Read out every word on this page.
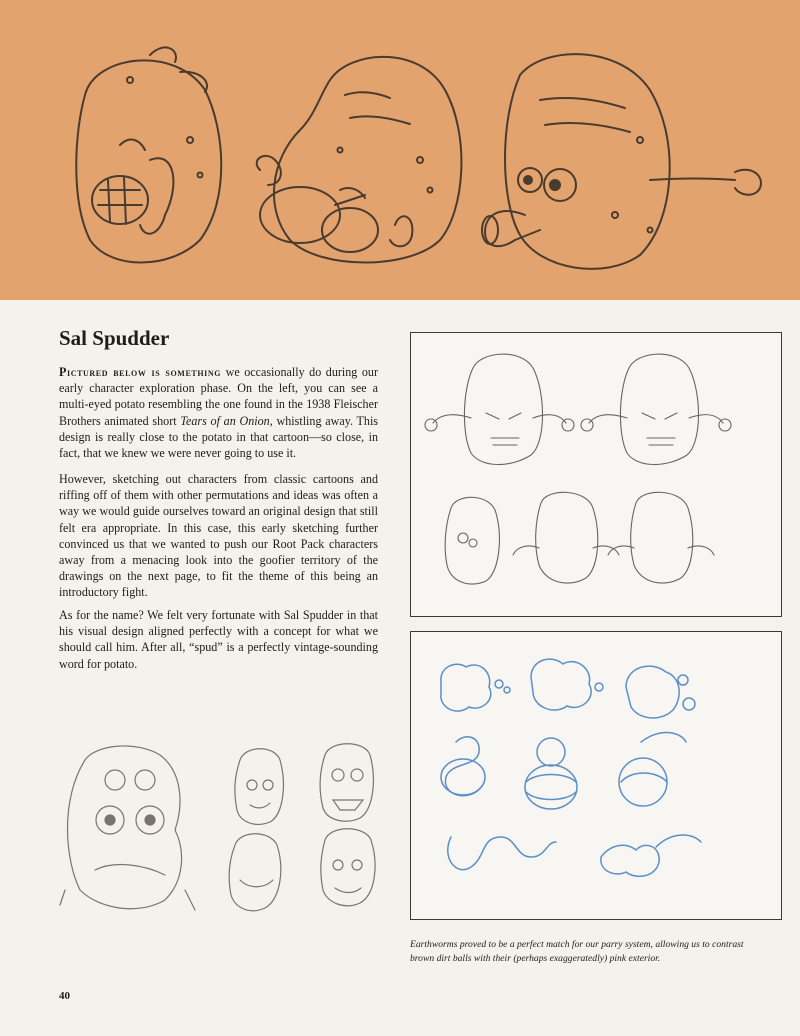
Sal Spudder

Pictured below is something we occasionally do during our early character exploration phase. On the left, you can see a multi-eyed potato resembling the one found in the 1938 Fleischer Brothers animated short Tears of an Onion, whistling away. This design is really close to the potato in that cartoon—so close, in fact, that we knew we were never going to use it.

However, sketching out characters from classic cartoons and riffing off of them with other permutations and ideas was often a way we would guide ourselves toward an original design that still felt era appropriate. In this case, this early sketching further convinced us that we wanted to push our Root Pack characters away from a menacing look into the goofier territory of the drawings on the next page, to fit the theme of this being an introductory fight.

As for the name? We felt very fortunate with Sal Spudder in that his visual design aligned perfectly with a concept for what we should call him. After all, “spud” is a perfectly vintage-sounding word for potato.

Earthworms proved to be a perfect match for our parry system, allowing us to contrast brown dirt balls with their (perhaps exaggeratedly) pink exterior.

40
